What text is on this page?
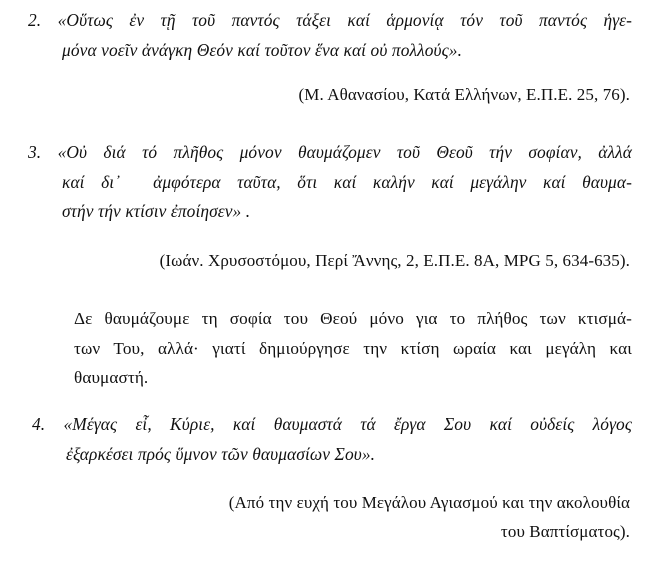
2. «Οὕτως ἐν τῇ τοῦ παντός τάξει καί ἁρμονίᾳ τόν τοῦ παντός ἡγε-
μόνα νοεῖν ἀνάγκη Θεόν καί τοῦτον ἕνα καί οὐ πολλούς».
(Μ. Αθανασίου, Κατά Ελλήνων, Ε.Π.Ε. 25, 76).
3. «Οὐ διά τό πλῆθος μόνον θαυμάζομεν τοῦ Θεοῦ τήν σοφίαν, ἀλλά
καί δι᾽  ἀμφότερα ταῦτα, ὅτι καί καλήν καί μεγάλην καί θαυμα-
στήν τήν κτίσιν ἐποίησεν» .
(Ιωάν. Χρυσοστόμου, Περί Ἄννης, 2, Ε.Π.Ε. 8Α, MPG 5, 634-635).
Δε θαυμάζουμε τη σοφία του Θεού μόνο για το πλήθος των κτισμά-
των Του, αλλά· γιατί δημιούργησε την κτίση ωραία και μεγάλη και
θαυμαστή.
4. «Μέγας εἶ, Κύριε, καί θαυμαστά τά ἔργα Σου καί οὐδείς λόγος
ἐξαρκέσει πρός ὕμνον τῶν θαυμασίων Σου».
(Από την ευχή του Μεγάλου Αγιασμού και την ακολουθία
του Βαπτίσματος).
